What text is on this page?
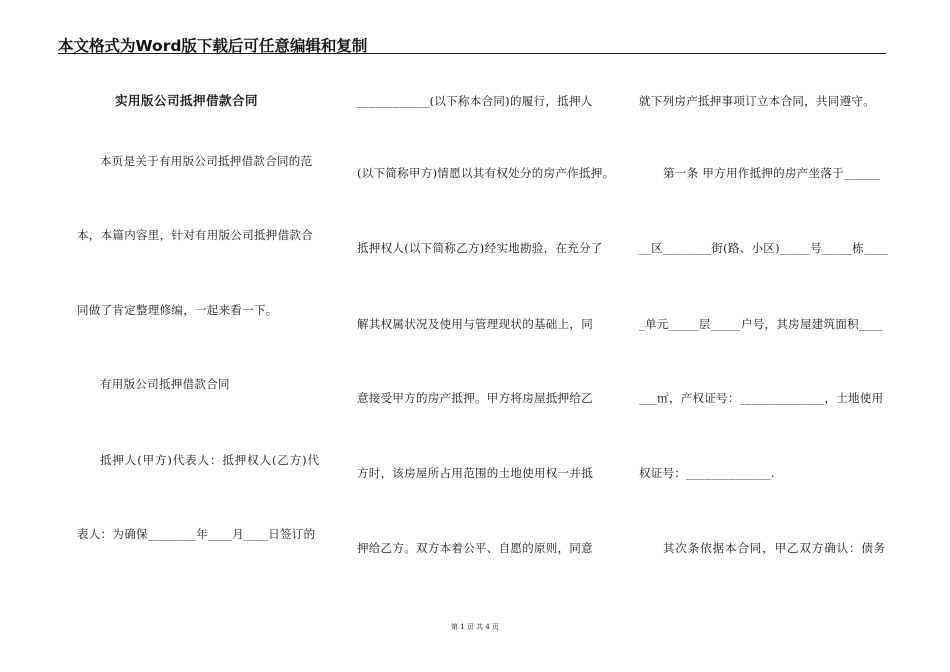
本文格式为Word版下载后可任意编辑和复制
实用版公司抵押借款合同
本页是关于有用版公司抵押借款合同的范
本，本篇内容里，针对有用版公司抵押借款合
同做了肯定整理修编，一起来看一下。
有用版公司抵押借款合同
抵押人(甲方)代表人：抵押权人(乙方)代
表人：为确保________年____月____日签订的
____________(以下称本合同)的履行，抵押人
(以下简称甲方)情愿以其有权处分的房产作抵押。
抵押权人(以下简称乙方)经实地勘验，在充分了
解其权属状况及使用与管理现状的基础上，同
意接受甲方的房产抵押。甲方将房屋抵押给乙
方时，该房屋所占用范围的土地使用权一并抵
押给乙方。双方本着公平、自愿的原则，同意
就下列房产抵押事项订立本合同，共同遵守。
第一条 甲方用作抵押的房产坐落于______
__区________街(路、小区)_____号_____栋____
_单元_____层_____户号，其房屋建筑面积____
___㎡，产权证号：______________，土地使用
权证号：______________.
其次条依据本合同，甲乙双方确认：债务
第 1 页 共 4 页
